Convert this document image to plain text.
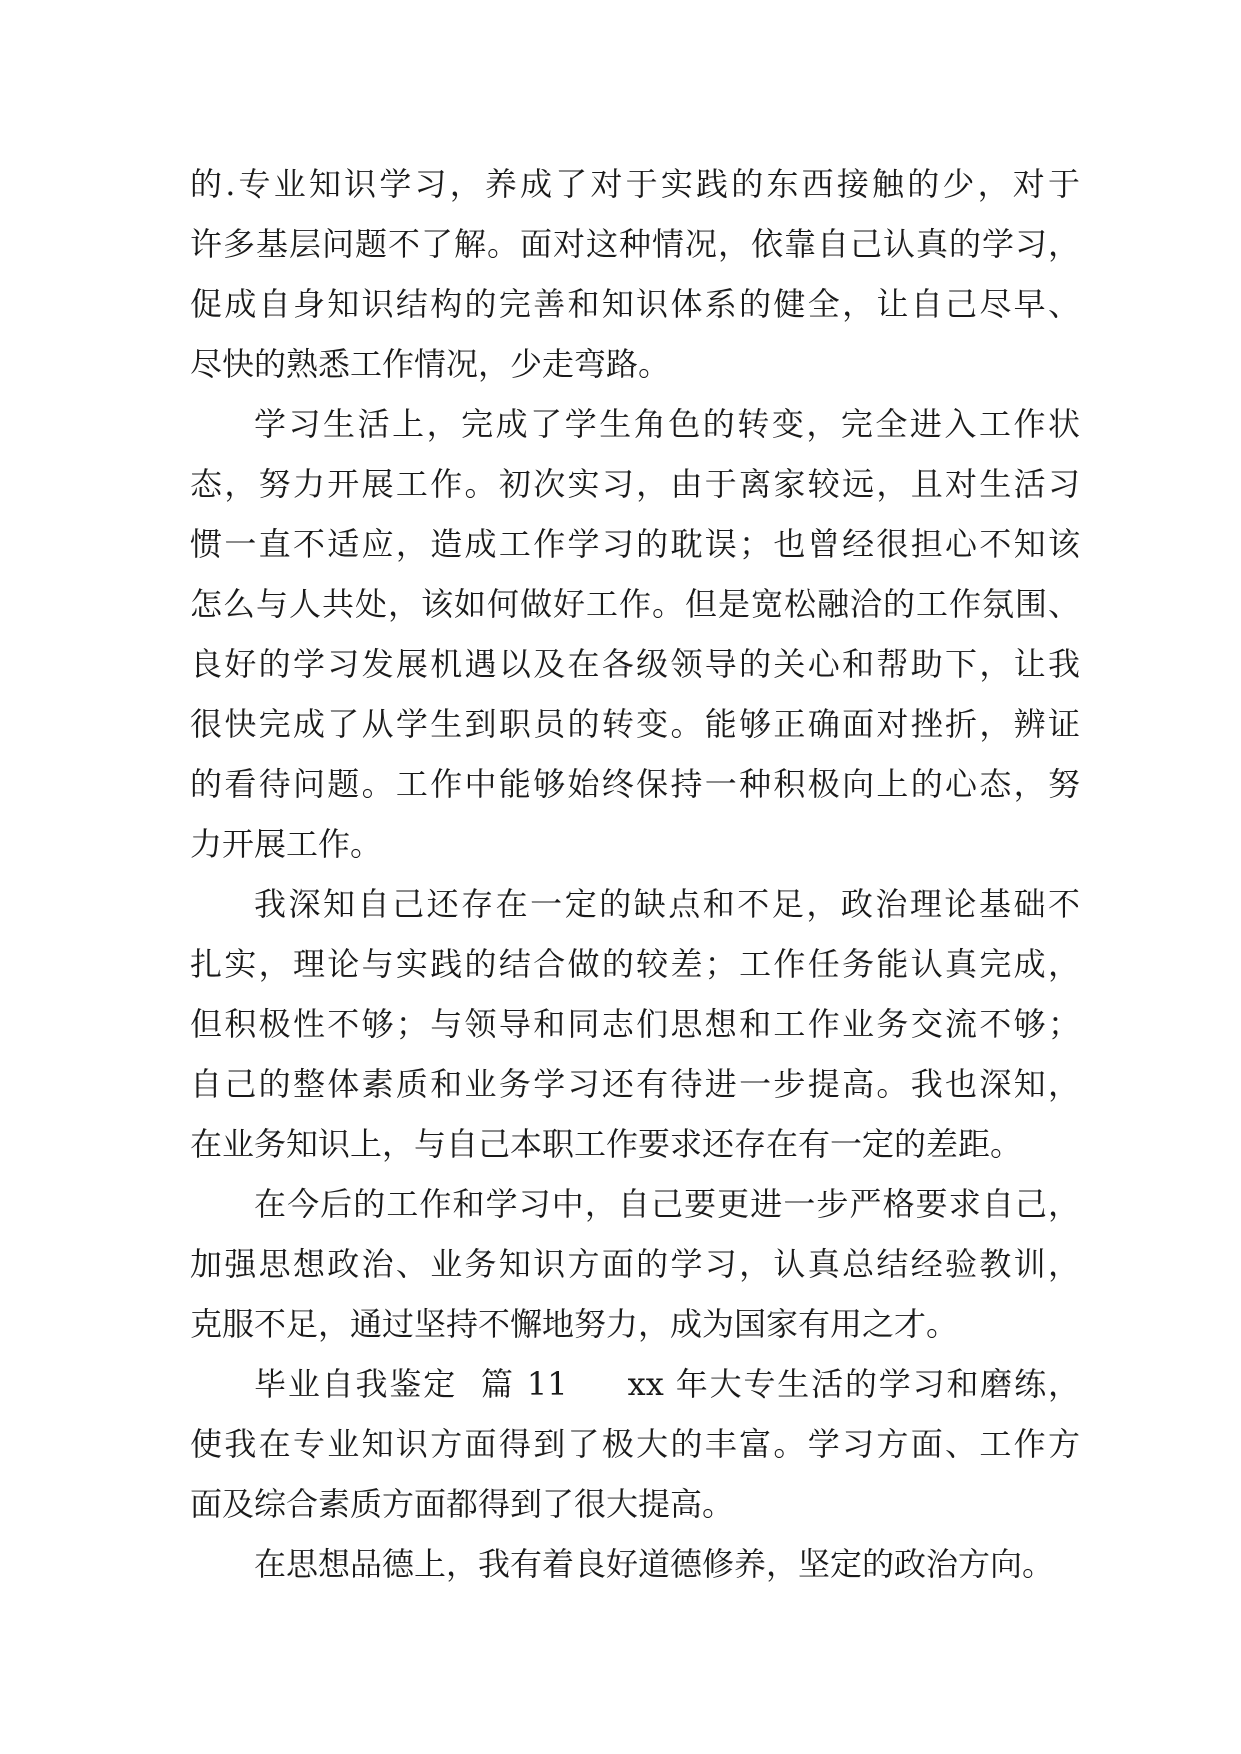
的.专业知识学习，养成了对于实践的东西接触的少，对于
许多基层问题不了解。面对这种情况，依靠自己认真的学习，
促成自身知识结构的完善和知识体系的健全，让自己尽早、
尽快的熟悉工作情况，少走弯路。
学习生活上，完成了学生角色的转变，完全进入工作状
态，努力开展工作。初次实习，由于离家较远，且对生活习
惯一直不适应，造成工作学习的耽误；也曾经很担心不知该
怎么与人共处，该如何做好工作。但是宽松融洽的工作氛围、
良好的学习发展机遇以及在各级领导的关心和帮助下，让我
很快完成了从学生到职员的转变。能够正确面对挫折，辨证
的看待问题。工作中能够始终保持一种积极向上的心态，努
力开展工作。
我深知自己还存在一定的缺点和不足，政治理论基础不
扎实，理论与实践的结合做的较差；工作任务能认真完成，
但积极性不够；与领导和同志们思想和工作业务交流不够；
自己的整体素质和业务学习还有待进一步提高。我也深知，
在业务知识上，与自己本职工作要求还存在有一定的差距。
在今后的工作和学习中，自己要更进一步严格要求自己，
加强思想政治、业务知识方面的学习，认真总结经验教训，
克服不足，通过坚持不懈地努力，成为国家有用之才。
毕业自我鉴定  篇 11     xx 年大专生活的学习和磨练，
使我在专业知识方面得到了极大的丰富。学习方面、工作方
面及综合素质方面都得到了很大提高。
在思想品德上，我有着良好道德修养，坚定的政治方向。
